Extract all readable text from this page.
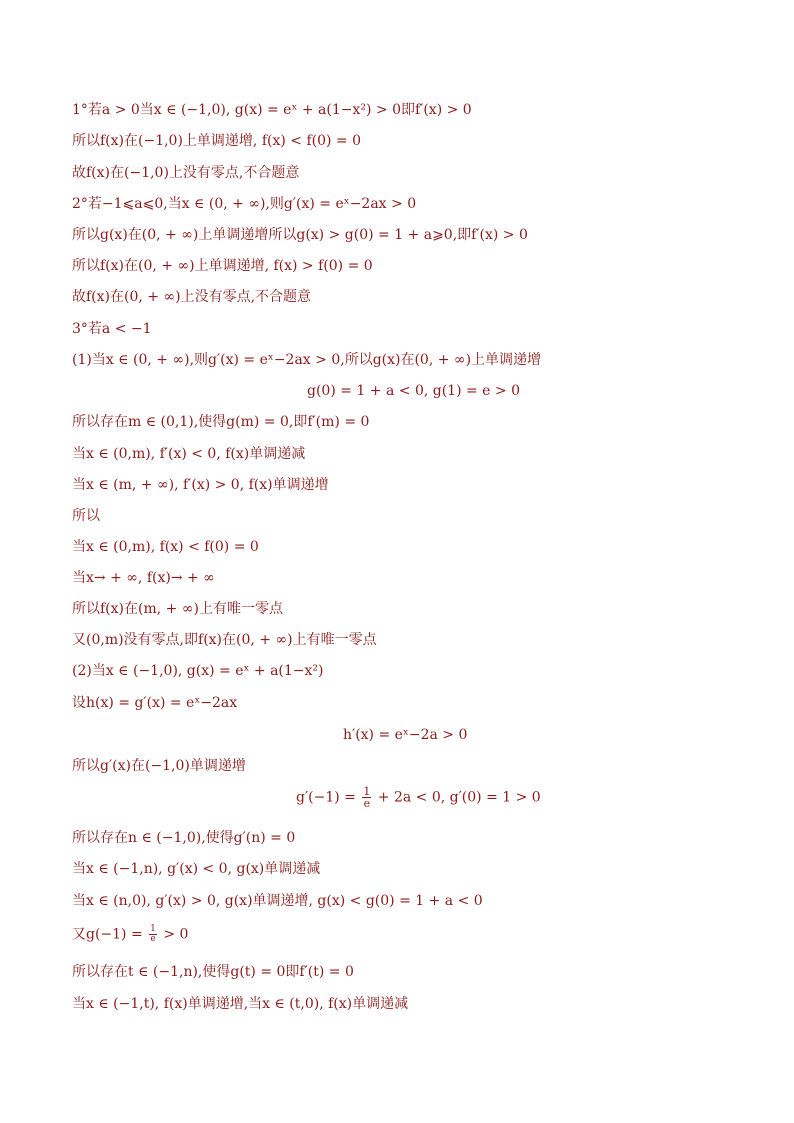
1°若a > 0当x ∈ (−1,0), g(x) = eˣ + a(1−x²) > 0即f′(x) > 0
所以f(x)在(−1,0)上单调递增, f(x) < f(0) = 0
故f(x)在(−1,0)上没有零点,不合题意
2°若−1⩽a⩽0,当x ∈ (0, + ∞),则g′(x) = eˣ−2ax > 0
所以g(x)在(0, + ∞)上单调递增所以g(x) > g(0) = 1 + a⩾0,即f′(x) > 0
所以f(x)在(0, + ∞)上单调递增, f(x) > f(0) = 0
故f(x)在(0, + ∞)上没有零点,不合题意
3°若a < −1
(1)当x ∈ (0, + ∞),则g′(x) = eˣ−2ax > 0,所以g(x)在(0, + ∞)上单调递增
g(0) = 1 + a < 0, g(1) = e > 0
所以存在m ∈ (0,1),使得g(m) = 0,即f′(m) = 0
当x ∈ (0,m), f′(x) < 0, f(x)单调递减
当x ∈ (m, + ∞), f′(x) > 0, f(x)单调递增
所以
当x ∈ (0,m), f(x) < f(0) = 0
当x→ + ∞, f(x)→ + ∞
所以f(x)在(m, + ∞)上有唯一零点
又(0,m)没有零点,即f(x)在(0, + ∞)上有唯一零点
(2)当x ∈ (−1,0), g(x) = eˣ + a(1−x²)
设h(x) = g′(x) = eˣ−2ax
h′(x) = eˣ−2a > 0
所以g′(x)在(−1,0)单调递增
$g'(-1) = \frac{1}{e} + 2a < 0$, g′(0) = 1 > 0
所以存在n ∈ (−1,0),使得g′(n) = 0
当x ∈ (−1,n), g′(x) < 0, g(x)单调递减
当x ∈ (n,0), g′(x) > 0, g(x)单调递增, g(x) < g(0) = 1 + a < 0
又$g(-1) = \frac{1}{e} > 0$
所以存在t ∈ (−1,n),使得g(t) = 0即f′(t) = 0
当x ∈ (−1,t), f(x)单调递增,当x ∈ (t,0), f(x)单调递减
